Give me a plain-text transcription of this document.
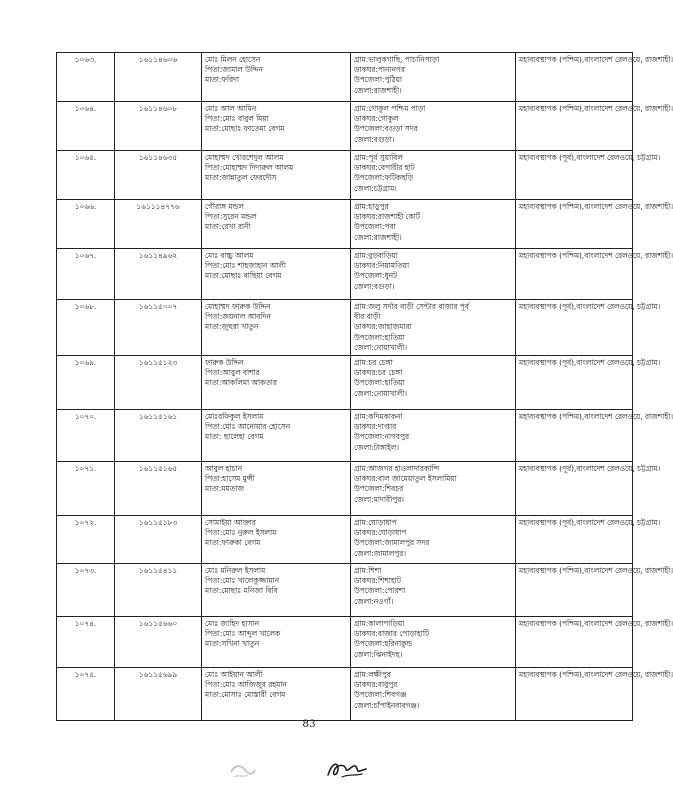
১০৬৩.	১৬১১৪৬০৬	মোঃ মিলন হোসেন
পিতা:জামাল উদ্দিন
মাতা:ফরিদা	গ্রাম:ভালুকগাছি, পাচানিপাড়া
ডাকঘর:পানানগর
উপজেলা:পুঠিয়া
জেলা:রাজশাহী।	মহাব্যবস্থাপক (পশ্চিম),বাংলাদেশ রেলওয়ে, রাজশাহী।
১০৬৪.	১৬১১৪৬০৮	মোঃ আল আমিন
পিতা:মোঃ বাবুল মিয়া
মাতা:মোছাঃ ফাতেমা বেগম	গ্রাম:গোকুল পশ্চিম পাড়া
ডাকঘর:গোকুল
উপজেলা:বগুড়া সদর
জেলা:বগুড়া।	মহাব্যবস্থাপক (পশ্চিম),বাংলাদেশ রেলওয়ে, রাজশাহী।
১০৬৫.	১৬১১৪৬৩৫	মোহাম্মদ খোরশেদুল আলম
পিতা:মোহাম্মদ দিদারুল আলম
মাতা:জান্নাতুল ফেরদৌস	গ্রাম:পূর্ব সুয়াবিল
ডাকঘর:বেপারীর হাট
উপজেলা:ফটিকছড়ি
জেলা:চট্টগ্রাম।	মহাব্যবস্থাপক (পূর্ব),বাংলাদেশ রেলওয়ে, চট্টগ্রাম।
১০৬৬.	১৬১১১৪৭৭৬	গৌরাঙ্গ মন্ডল
পিতা:সুরেন মন্ডল
মাতা:রেখা রানী	গ্রাম:হাড়ুপুর
ডাকঘর:রাজশাহী কোর্ট
উপজেলা:পবা
জেলা:রাজশাহী।	মহাব্যবস্থাপক (পশ্চিম),বাংলাদেশ রেলওয়ে, রাজশাহী।
১০৬৭.	১৬১১৪৯৬২	মোঃ বাচ্চু আলম
পিতা:মোঃ শাহজাহান আলী
মাতা:মোছাঃ বাছিয়া বেগম	গ্রাম:বুড়বাড়িয়া
ডাকঘর:নিয়ামতিয়া
উপজেলা:ধুনট
জেলা:বগুড়া।	মহাব্যবস্থাপক (পশ্চিম),বাংলাদেশ রেলওয়ে, রাজশাহী।
১০৬৮.	১৬১১৫০০৭	মোহাম্মদ ফারুক উদ্দিন
পিতা:জয়নাল আবদিন
মাতা:জুহুরা খাতুন	গ্রাম:জলু সর্দার বাড়ী সেন্টার বাজার পূর্ব
বীর বাড়ী
ডাকঘর:জাহাজমারা
উপজেলা:হাতিয়া
জেলা:নোয়াখালী।	মহাব্যবস্থাপক (পূর্ব),বাংলাদেশ রেলওয়ে, চট্টগ্রাম।
১০৬৯.	১৬১১৫১২৩	ফারুক উদ্দিন
পিতা:আবুল বাশার
মাতা:আকলিমা আকতার	গ্রাম:চর চেঙ্গা
ডাকঘর:চর চেঙ্গা
উপজেলা:হাতিয়া
জেলা:নোয়াখালী।	মহাব্যবস্থাপক (পূর্ব),বাংলাদেশ রেলওয়ে, চট্টগ্রাম।
১০৭০.	১৬১১৫১৬১	মোঃরফিকুল ইসলাম
পিতা:মোঃ আনোয়ার হোসেন
মাতা: ছালেহা বেগম	গ্রাম:কদিমকাকনা
ডাকঘর:দাপ্তার
উপজেলা:নাগরপুর
জেলা:টাঙ্গাইল।	মহাব্যবস্থাপক (পশ্চিম),বাংলাদেশ রেলওয়ে, রাজশাহী।
১০৭১.	১৬১১৫১৬৫	আবুল হাচান
পিতা:হাসেম মুন্সী
মাতা:মমতাজ	গ্রাম:আজগর হাওলাদারকান্দি
ডাকঘর:বাল জামেয়াতুল ইসলামিয়া
উপজেলা:শিবচর
জেলা:মাদারীপুর।	মহাব্যবস্থাপক (পূর্ব),বাংলাদেশ রেলওয়ে, চট্টগ্রাম।
১০৭২.	১৬১১৫১৮৩	সোমাইয়া আক্তার
পিতা:মোঃ নুরুল ইসলাম
মাতা:ফারুকা বেগম	গ্রাম:ঘোড়াধাপ
ডাকঘর:ঘোড়াধাপ
উপজেলা:জামালপুর সদর
জেলা:জামালপুর।	মহাব্যবস্থাপক (পূর্ব),বাংলাদেশ রেলওয়ে, চট্টগ্রাম।
১০৭৩.	১৬১১৫৪১১	মোঃ মনিরুল ইসলাম
পিতা:মোঃ খালেকুজ্জামান
মাতা:মোছাঃ মনিজা বিবি	গ্রাম:শিশা
ডাকঘর:শিশাহাট
উপজেলা:পোরশা
জেলা:নওগাঁ।	মহাব্যবস্থাপক (পশ্চিম),বাংলাদেশ রেলওয়ে, রাজশাহী।
১০৭৪.	১৬১১৫৬৬০	মোঃ জাহিদ হাসান
পিতা:মোঃ আব্দুল খালেক
মাতা:সখিনা খাতুন	গ্রাম:কালাপাড়িয়া
ডাকঘর:বাজার পোড়াহাটি
উপজেলা:হরিনাকুন্ড
জেলা:ঝিনাইদহ।	মহাব্যবস্থাপক (পশ্চিম),বাংলাদেশ রেলওয়ে, রাজশাহী।
১০৭৫.	১৬১১৫৬৯৯	মোঃ আইয়ান আলী
পিতা:মোঃ আজিজুর রহমান
মাতা:মোসাঃ মোস্তারী বেগম	গ্রাম:লক্ষীপুর
ডাকঘর:বাবুপুর
উপজেলা:শিবগঞ্জ
জেলা:চাঁপাইনবাবগঞ্জ।	মহাব্যবস্থাপক (পশ্চিম),বাংলাদেশ রেলওয়ে, রাজশাহী।
83
